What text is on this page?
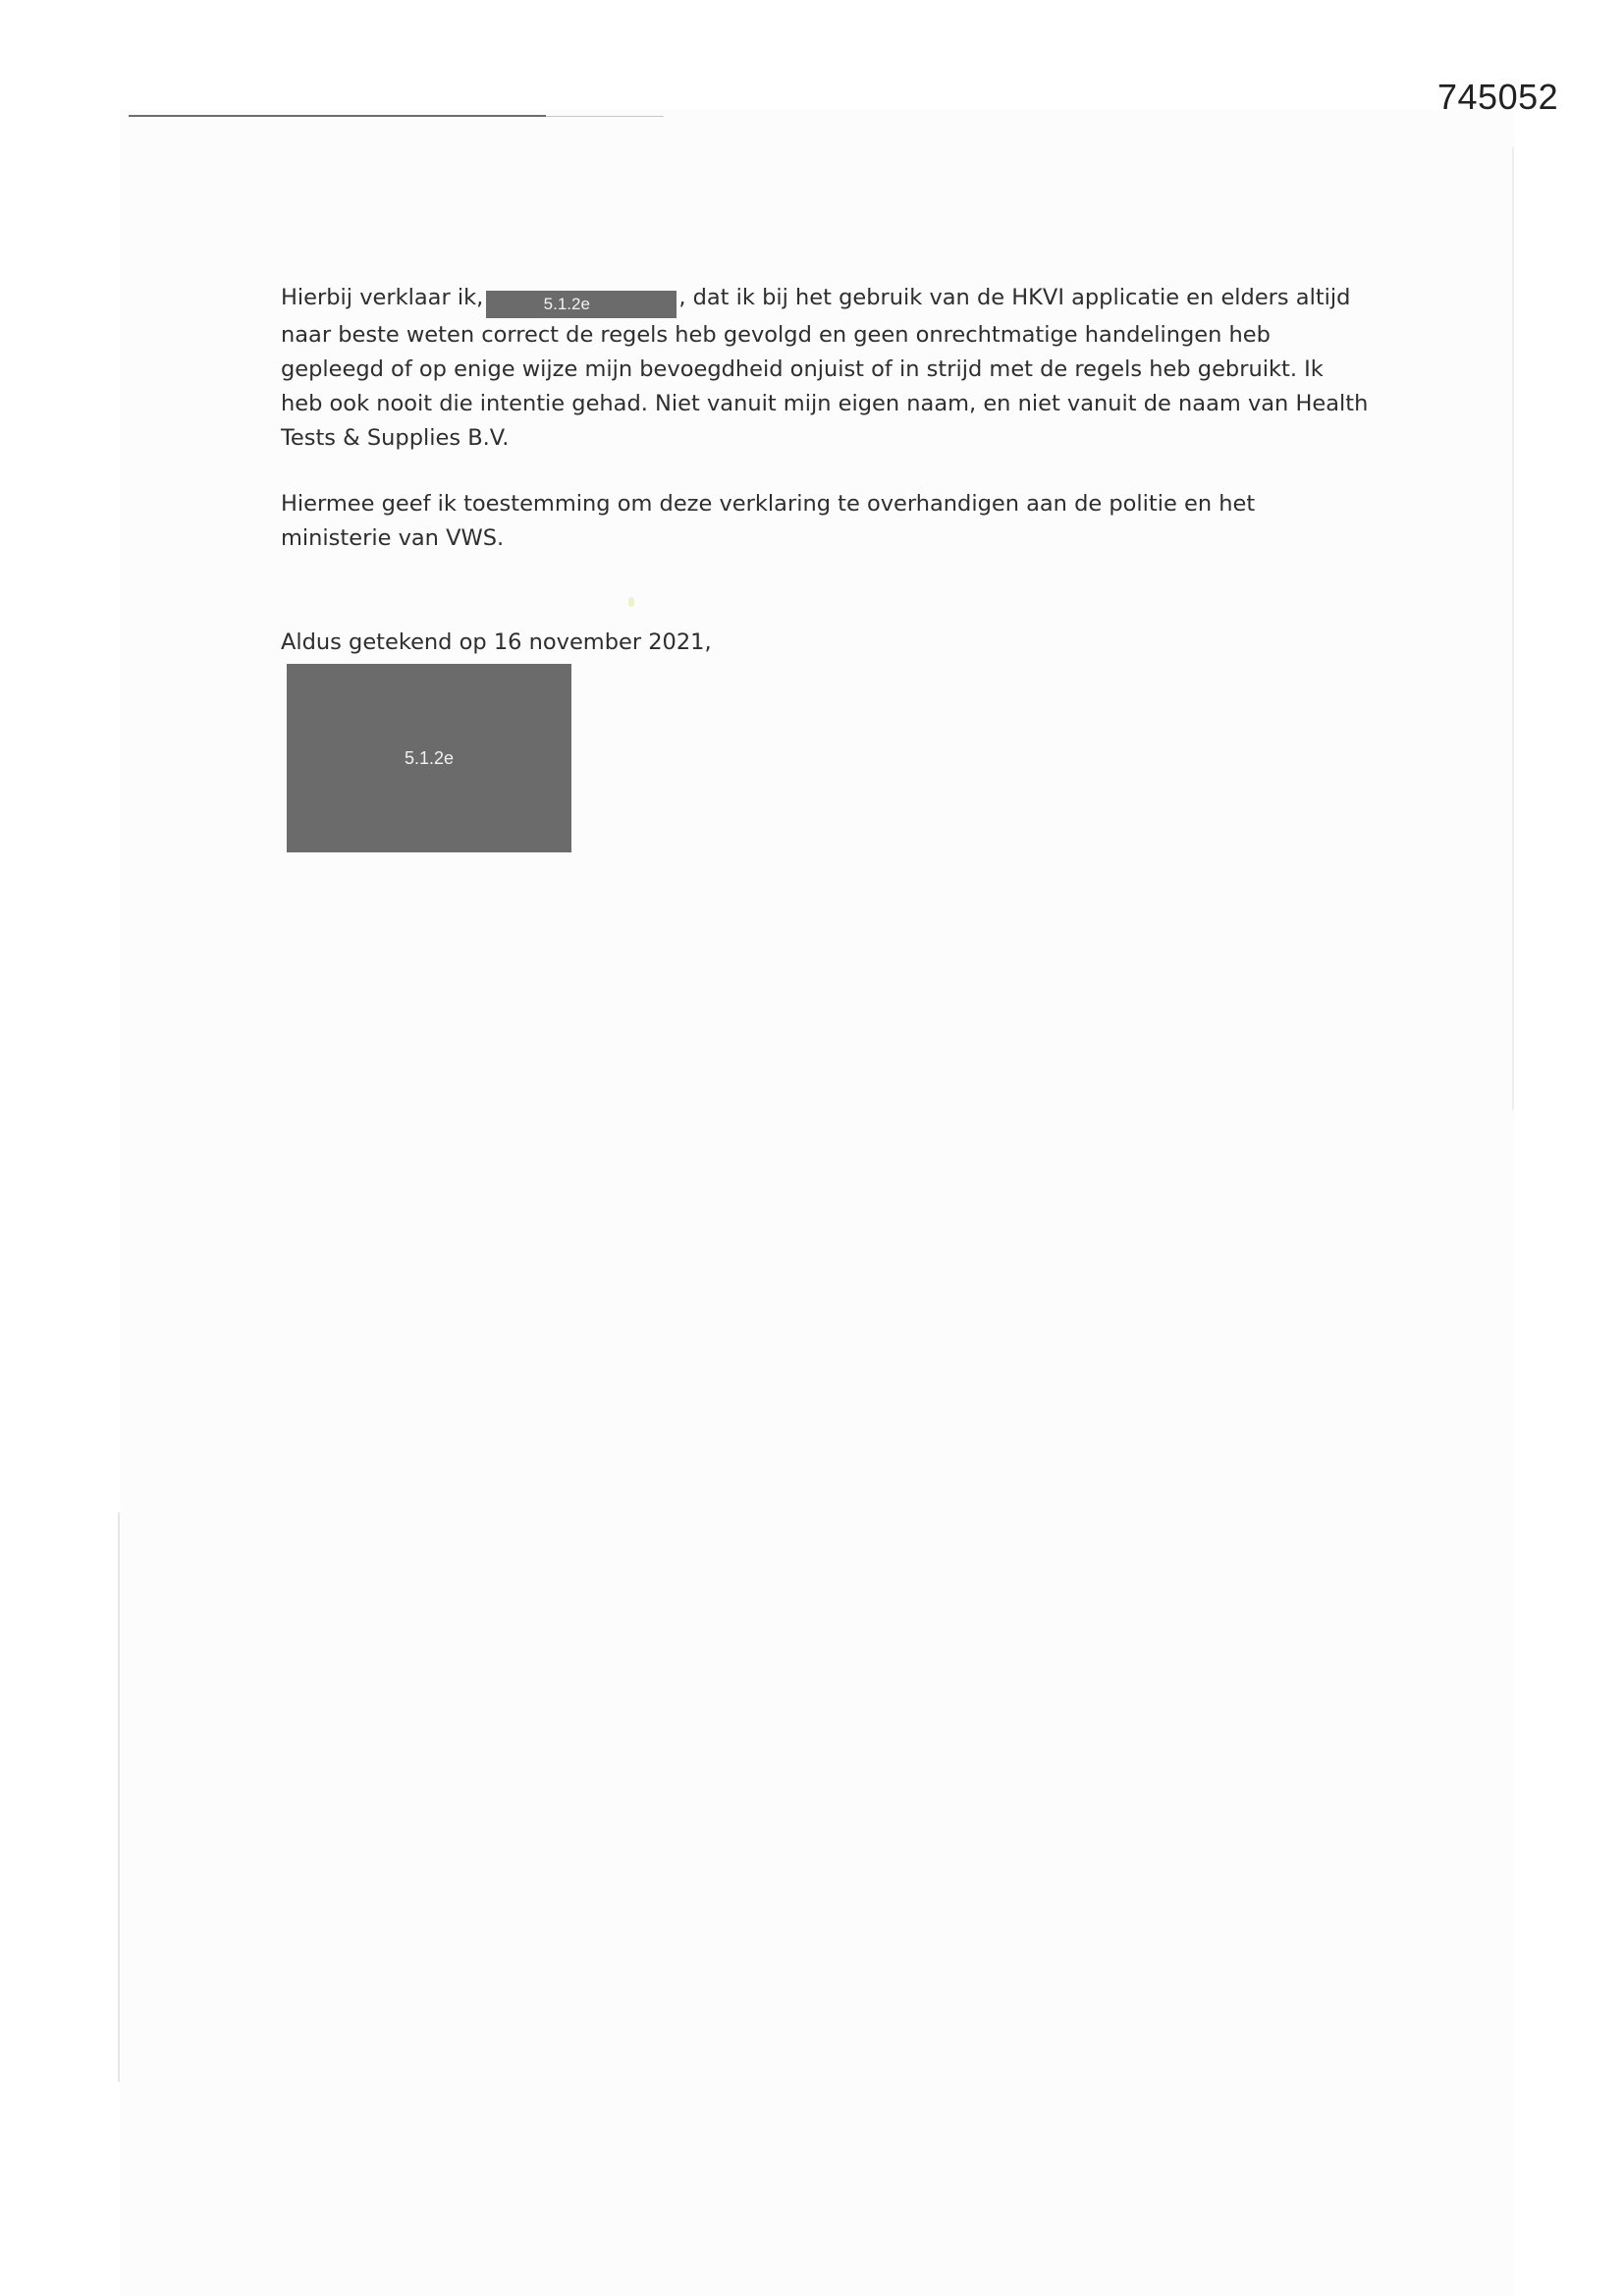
745052

Hierbij verklaar ik,	5.1.2e	, dat ik bij het gebruik van de HKVI applicatie en elders altijd naar beste weten correct de regels heb gevolgd en geen onrechtmatige handelingen heb gepleegd of op enige wijze mijn bevoegdheid onjuist of in strijd met de regels heb gebruikt. Ik heb ook nooit die intentie gehad. Niet vanuit mijn eigen naam, en niet vanuit de naam van Health Tests & Supplies B.V.

Hiermee geef ik toestemming om deze verklaring te overhandigen aan de politie en het ministerie van VWS.

Aldus getekend op 16 november 2021,

5.1.2e
